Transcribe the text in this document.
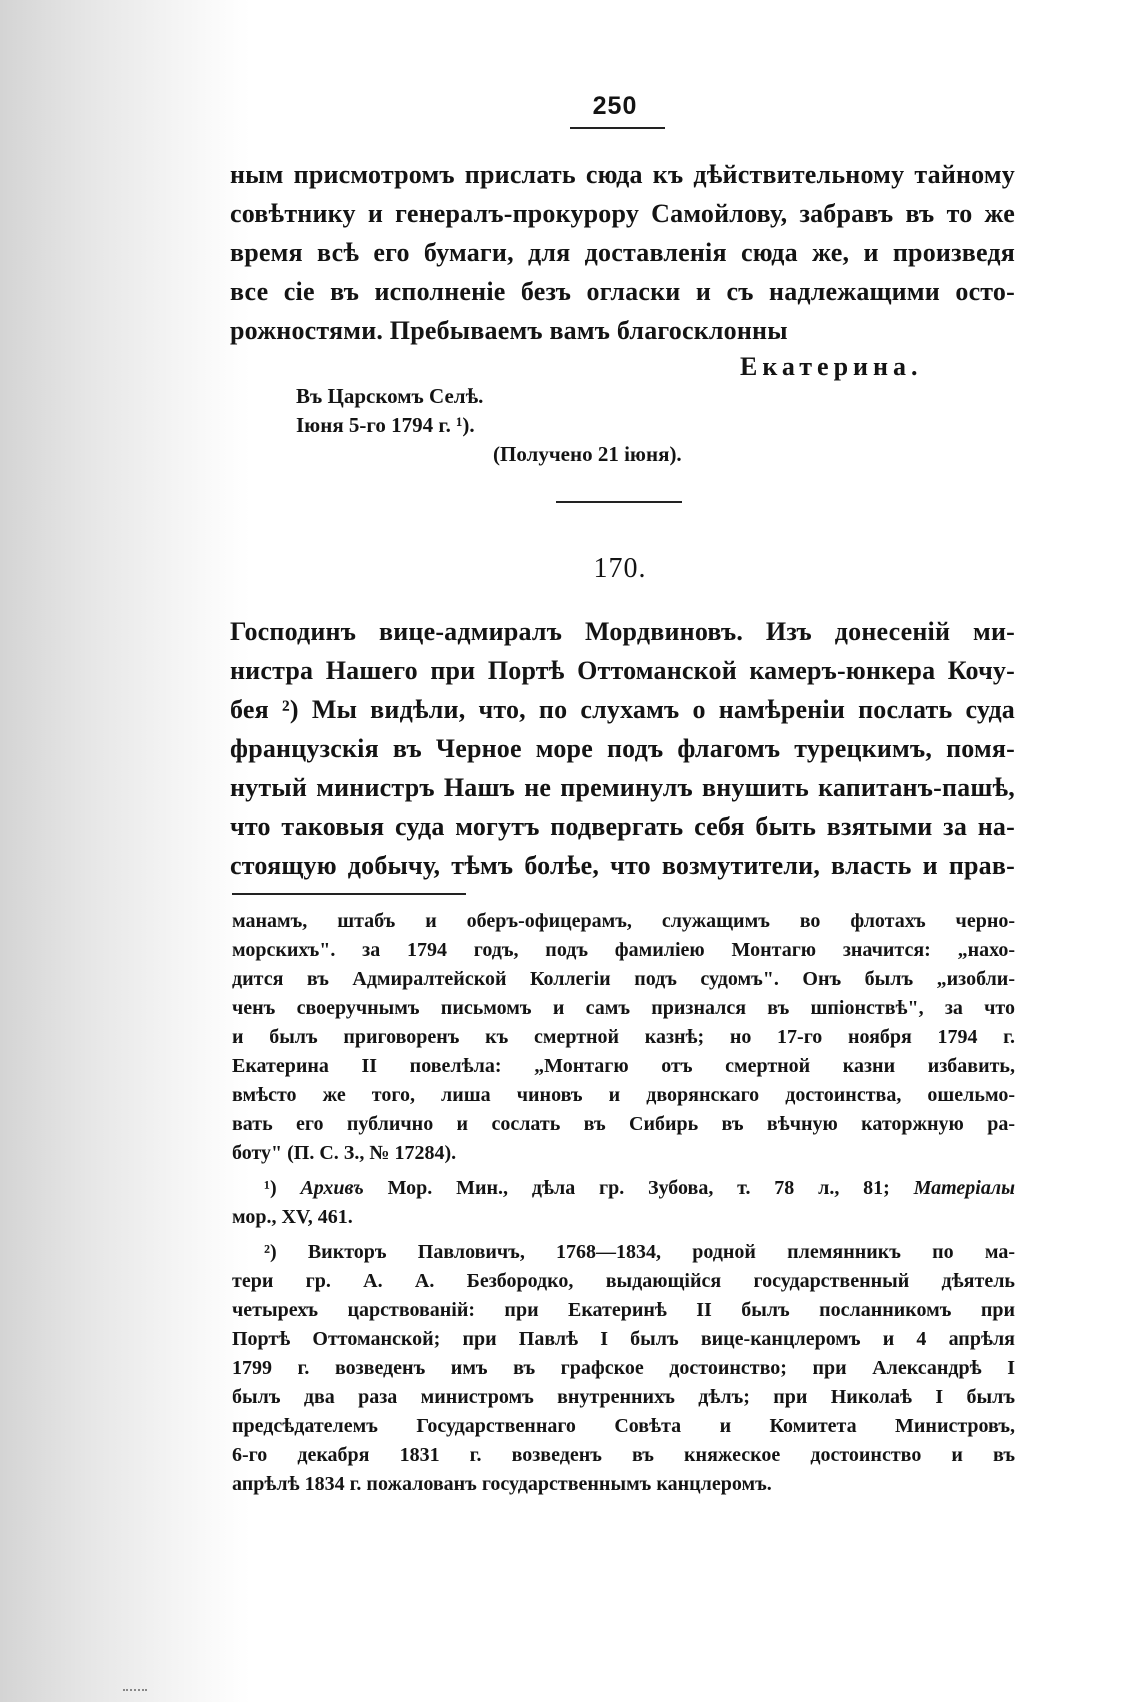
250
ным присмотромъ прислать сюда къ дѣйствительному тайному
совѣтнику и генералъ-прокурору Самойлову, забравъ въ то же
время всѣ его бумаги, для доставленія сюда же, и произведя
все сіе въ исполненіе безъ огласки и съ надлежащими осто-
рожностями. Пребываемъ вамъ благосклонны
Екатерина.
Въ Царскомъ Селѣ.
Іюня 5-го 1794 г. ¹).
(Получено 21 іюня).
170.
Господинъ вице-адмиралъ Мордвиновъ. Изъ донесеній ми-
нистра Нашего при Портѣ Оттоманской камеръ-юнкера Кочу-
бея ²) Мы видѣли, что, по слухамъ о намѣреніи послать суда
французскія въ Черное море подъ флагомъ турецкимъ, помя-
нутый министръ Нашъ не преминулъ внушить капитанъ-пашѣ,
что таковыя суда могутъ подвергать себя быть взятыми за на-
стоящую добычу, тѣмъ болѣе, что возмутители, власть и прав-
манамъ, штабъ и оберъ-офицерамъ, служащимъ во флотахъ черно-
морскихъ". за 1794 годъ, подъ фамиліею Монтагю значится: „нахо-
дится въ Адмиралтейской Коллегіи подъ судомъ". Онъ былъ „изобли-
ченъ своеручнымъ письмомъ и самъ признался въ шпіонствѣ", за что
и былъ приговоренъ къ смертной казнѣ; но 17-го ноября 1794 г.
Екатерина II повелѣла: „Монтагю отъ смертной казни избавить,
вмѣсто же того, лиша чиновъ и дворянскаго достоинства, ошельмо-
вать его публично и сослать въ Сибирь въ вѣчную каторжную ра-
боту" (П. С. З., № 17284).
¹) Архивъ Мор. Мин., дѣла гр. Зубова, т. 78 л., 81; Матеріалы
мор., XV, 461.
²) Викторъ Павловичъ, 1768—1834, родной племянникъ по ма-
тери гр. А. А. Безбородко, выдающійся государственный дѣятель
четырехъ царствованій: при Екатеринѣ II былъ посланникомъ при
Портѣ Оттоманской; при Павлѣ I былъ вице-канцлеромъ и 4 апрѣля
1799 г. возведенъ имъ въ графское достоинство; при Александрѣ I
былъ два раза министромъ внутреннихъ дѣлъ; при Николаѣ I былъ
предсѣдателемъ Государственнаго Совѣта и Комитета Министровъ,
6-го декабря 1831 г. возведенъ въ княжеское достоинство и въ
апрѣлѣ 1834 г. пожалованъ государственнымъ канцлеромъ.
